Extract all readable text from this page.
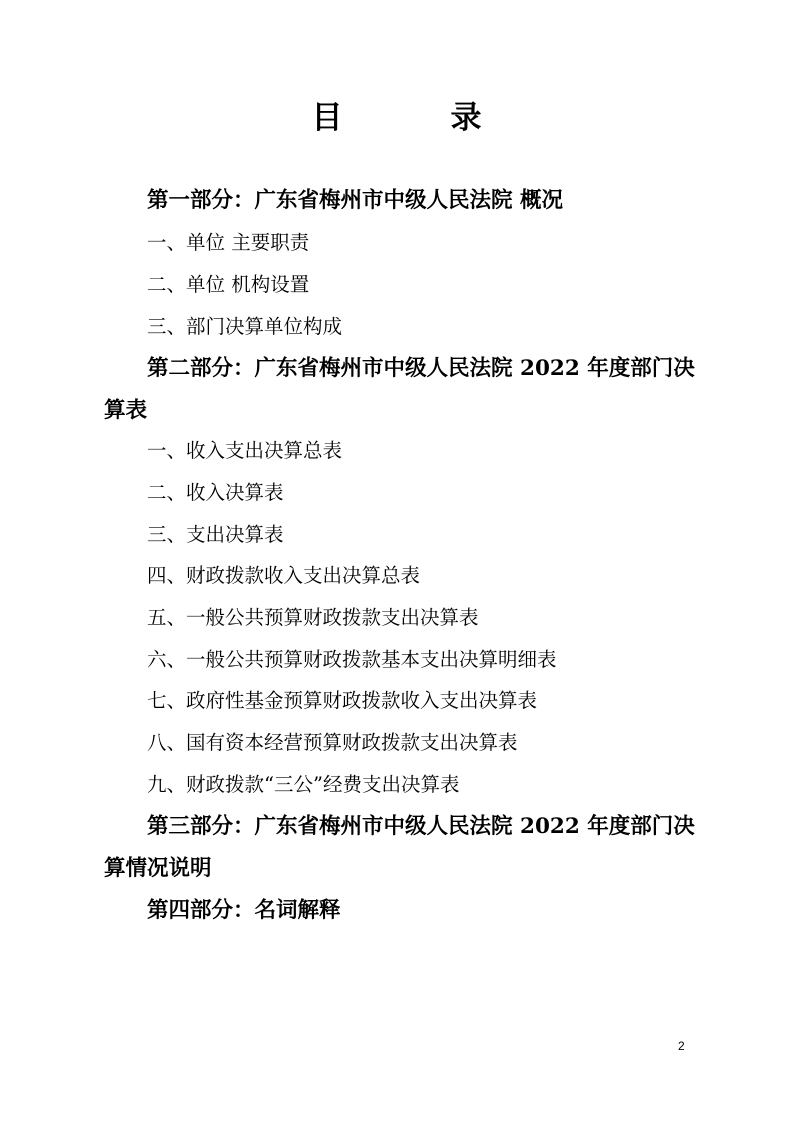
目	录
第一部分：广东省梅州市中级人民法院 概况
一、单位 主要职责
二、单位 机构设置
三、部门决算单位构成
第二部分：广东省梅州市中级人民法院 2022 年度部门决算表
一、收入支出决算总表
二、收入决算表
三、支出决算表
四、财政拨款收入支出决算总表
五、一般公共预算财政拨款支出决算表
六、一般公共预算财政拨款基本支出决算明细表
七、政府性基金预算财政拨款收入支出决算表
八、国有资本经营预算财政拨款支出决算表
九、财政拨款“三公”经费支出决算表
第三部分：广东省梅州市中级人民法院 2022 年度部门决算情况说明
第四部分：名词解释
2
